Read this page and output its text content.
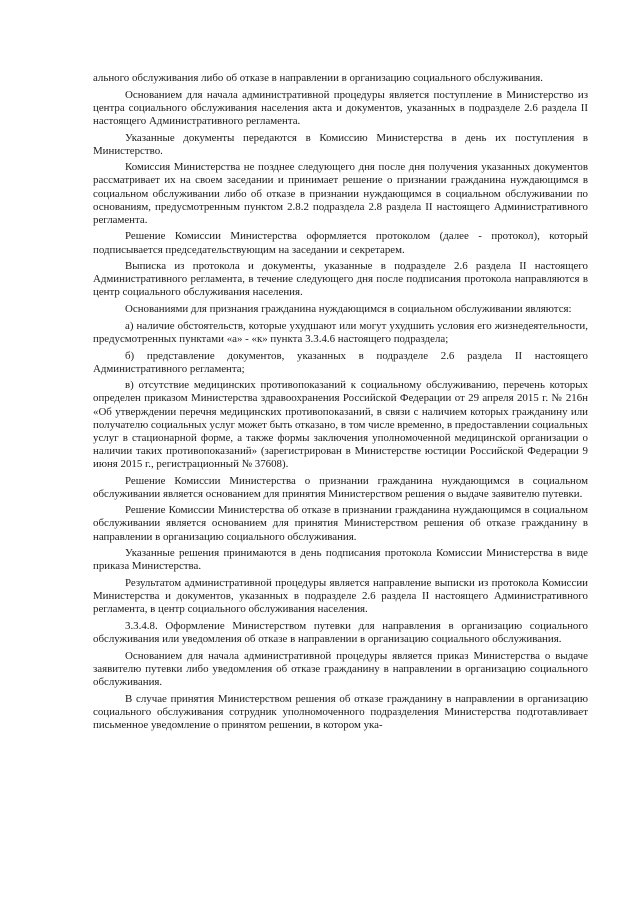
ального обслуживания либо об отказе в направлении в организацию социального обслуживания.

Основанием для начала административной процедуры является поступление в Министерство из центра социального обслуживания населения акта и документов, указанных в подразделе 2.6 раздела II настоящего Административного регламента.

Указанные документы передаются в Комиссию Министерства в день их поступления в Министерство.

Комиссия Министерства не позднее следующего дня после дня получения указанных документов рассматривает их на своем заседании и принимает решение о признании гражданина нуждающимся в социальном обслуживании либо об отказе в признании нуждающимся в социальном обслуживании по основаниям, предусмотренным пунктом 2.8.2 подраздела 2.8 раздела II настоящего Административного регламента.

Решение Комиссии Министерства оформляется протоколом (далее - протокол), который подписывается председательствующим на заседании и секретарем.

Выписка из протокола и документы, указанные в подразделе 2.6 раздела II настоящего Административного регламента, в течение следующего дня после подписания протокола направляются в центр социального обслуживания населения.

Основаниями для признания гражданина нуждающимся в социальном обслуживании являются:

а) наличие обстоятельств, которые ухудшают или могут ухудшить условия его жизнедеятельности, предусмотренных пунктами «а» - «к» пункта 3.3.4.6 настоящего подраздела;

б) представление документов, указанных в подразделе 2.6 раздела II настоящего Административного регламента;

в) отсутствие медицинских противопоказаний к социальному обслуживанию, перечень которых определен приказом Министерства здравоохранения Российской Федерации от 29 апреля 2015 г. № 216н «Об утверждении перечня медицинских противопоказаний, в связи с наличием которых гражданину или получателю социальных услуг может быть отказано, в том числе временно, в предоставлении социальных услуг в стационарной форме, а также формы заключения уполномоченной медицинской организации о наличии таких противопоказаний» (зарегистрирован в Министерстве юстиции Российской Федерации 9 июня 2015 г., регистрационный № 37608).

Решение Комиссии Министерства о признании гражданина нуждающимся в социальном обслуживании является основанием для принятия Министерством решения о выдаче заявителю путевки.

Решение Комиссии Министерства об отказе в признании гражданина нуждающимся в социальном обслуживании является основанием для принятия Министерством решения об отказе гражданину в направлении в организацию социального обслуживания.

Указанные решения принимаются в день подписания протокола Комиссии Министерства в виде приказа Министерства.

Результатом административной процедуры является направление выписки из протокола Комиссии Министерства и документов, указанных в подразделе 2.6 раздела II настоящего Административного регламента, в центр социального обслуживания населения.

3.3.4.8. Оформление Министерством путевки для направления в организацию социального обслуживания или уведомления об отказе в направлении в организацию социального обслуживания.

Основанием для начала административной процедуры является приказ Министерства о выдаче заявителю путевки либо уведомления об отказе гражданину в направлении в организацию социального обслуживания.

В случае принятия Министерством решения об отказе гражданину в направлении в организацию социального обслуживания сотрудник уполномоченного подразделения Министерства подготавливает письменное уведомление о принятом решении, в котором ука-
